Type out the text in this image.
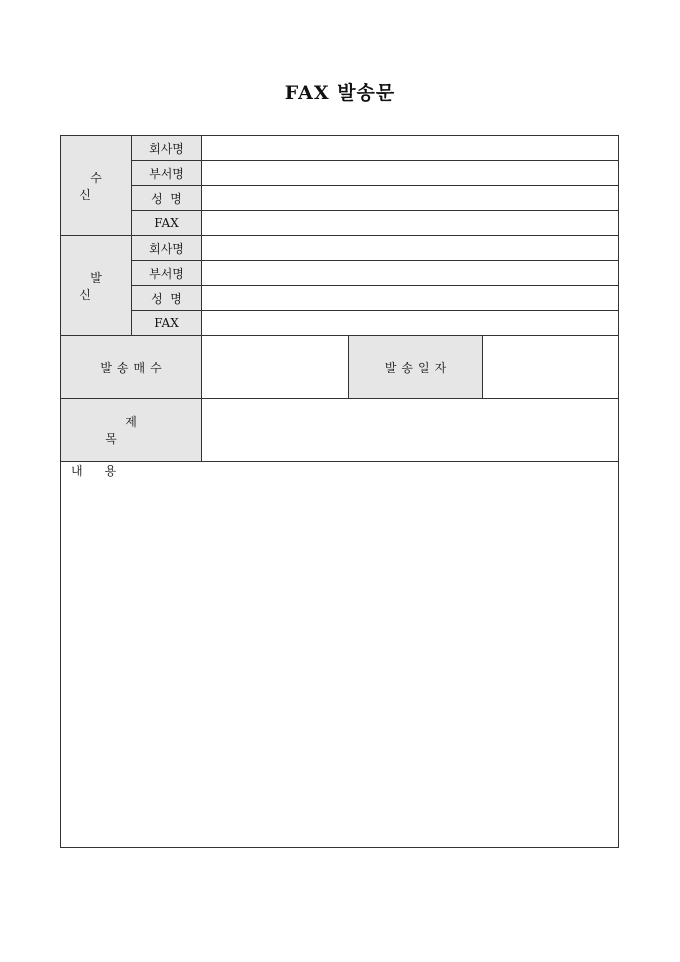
FAX 발송문
수 신	회사명			
	부서명			
	성  명			
	FAX			
발 신	회사명			
	부서명			
	성  명			
	FAX			
발송매수			발송일자	
제목				

내용				
